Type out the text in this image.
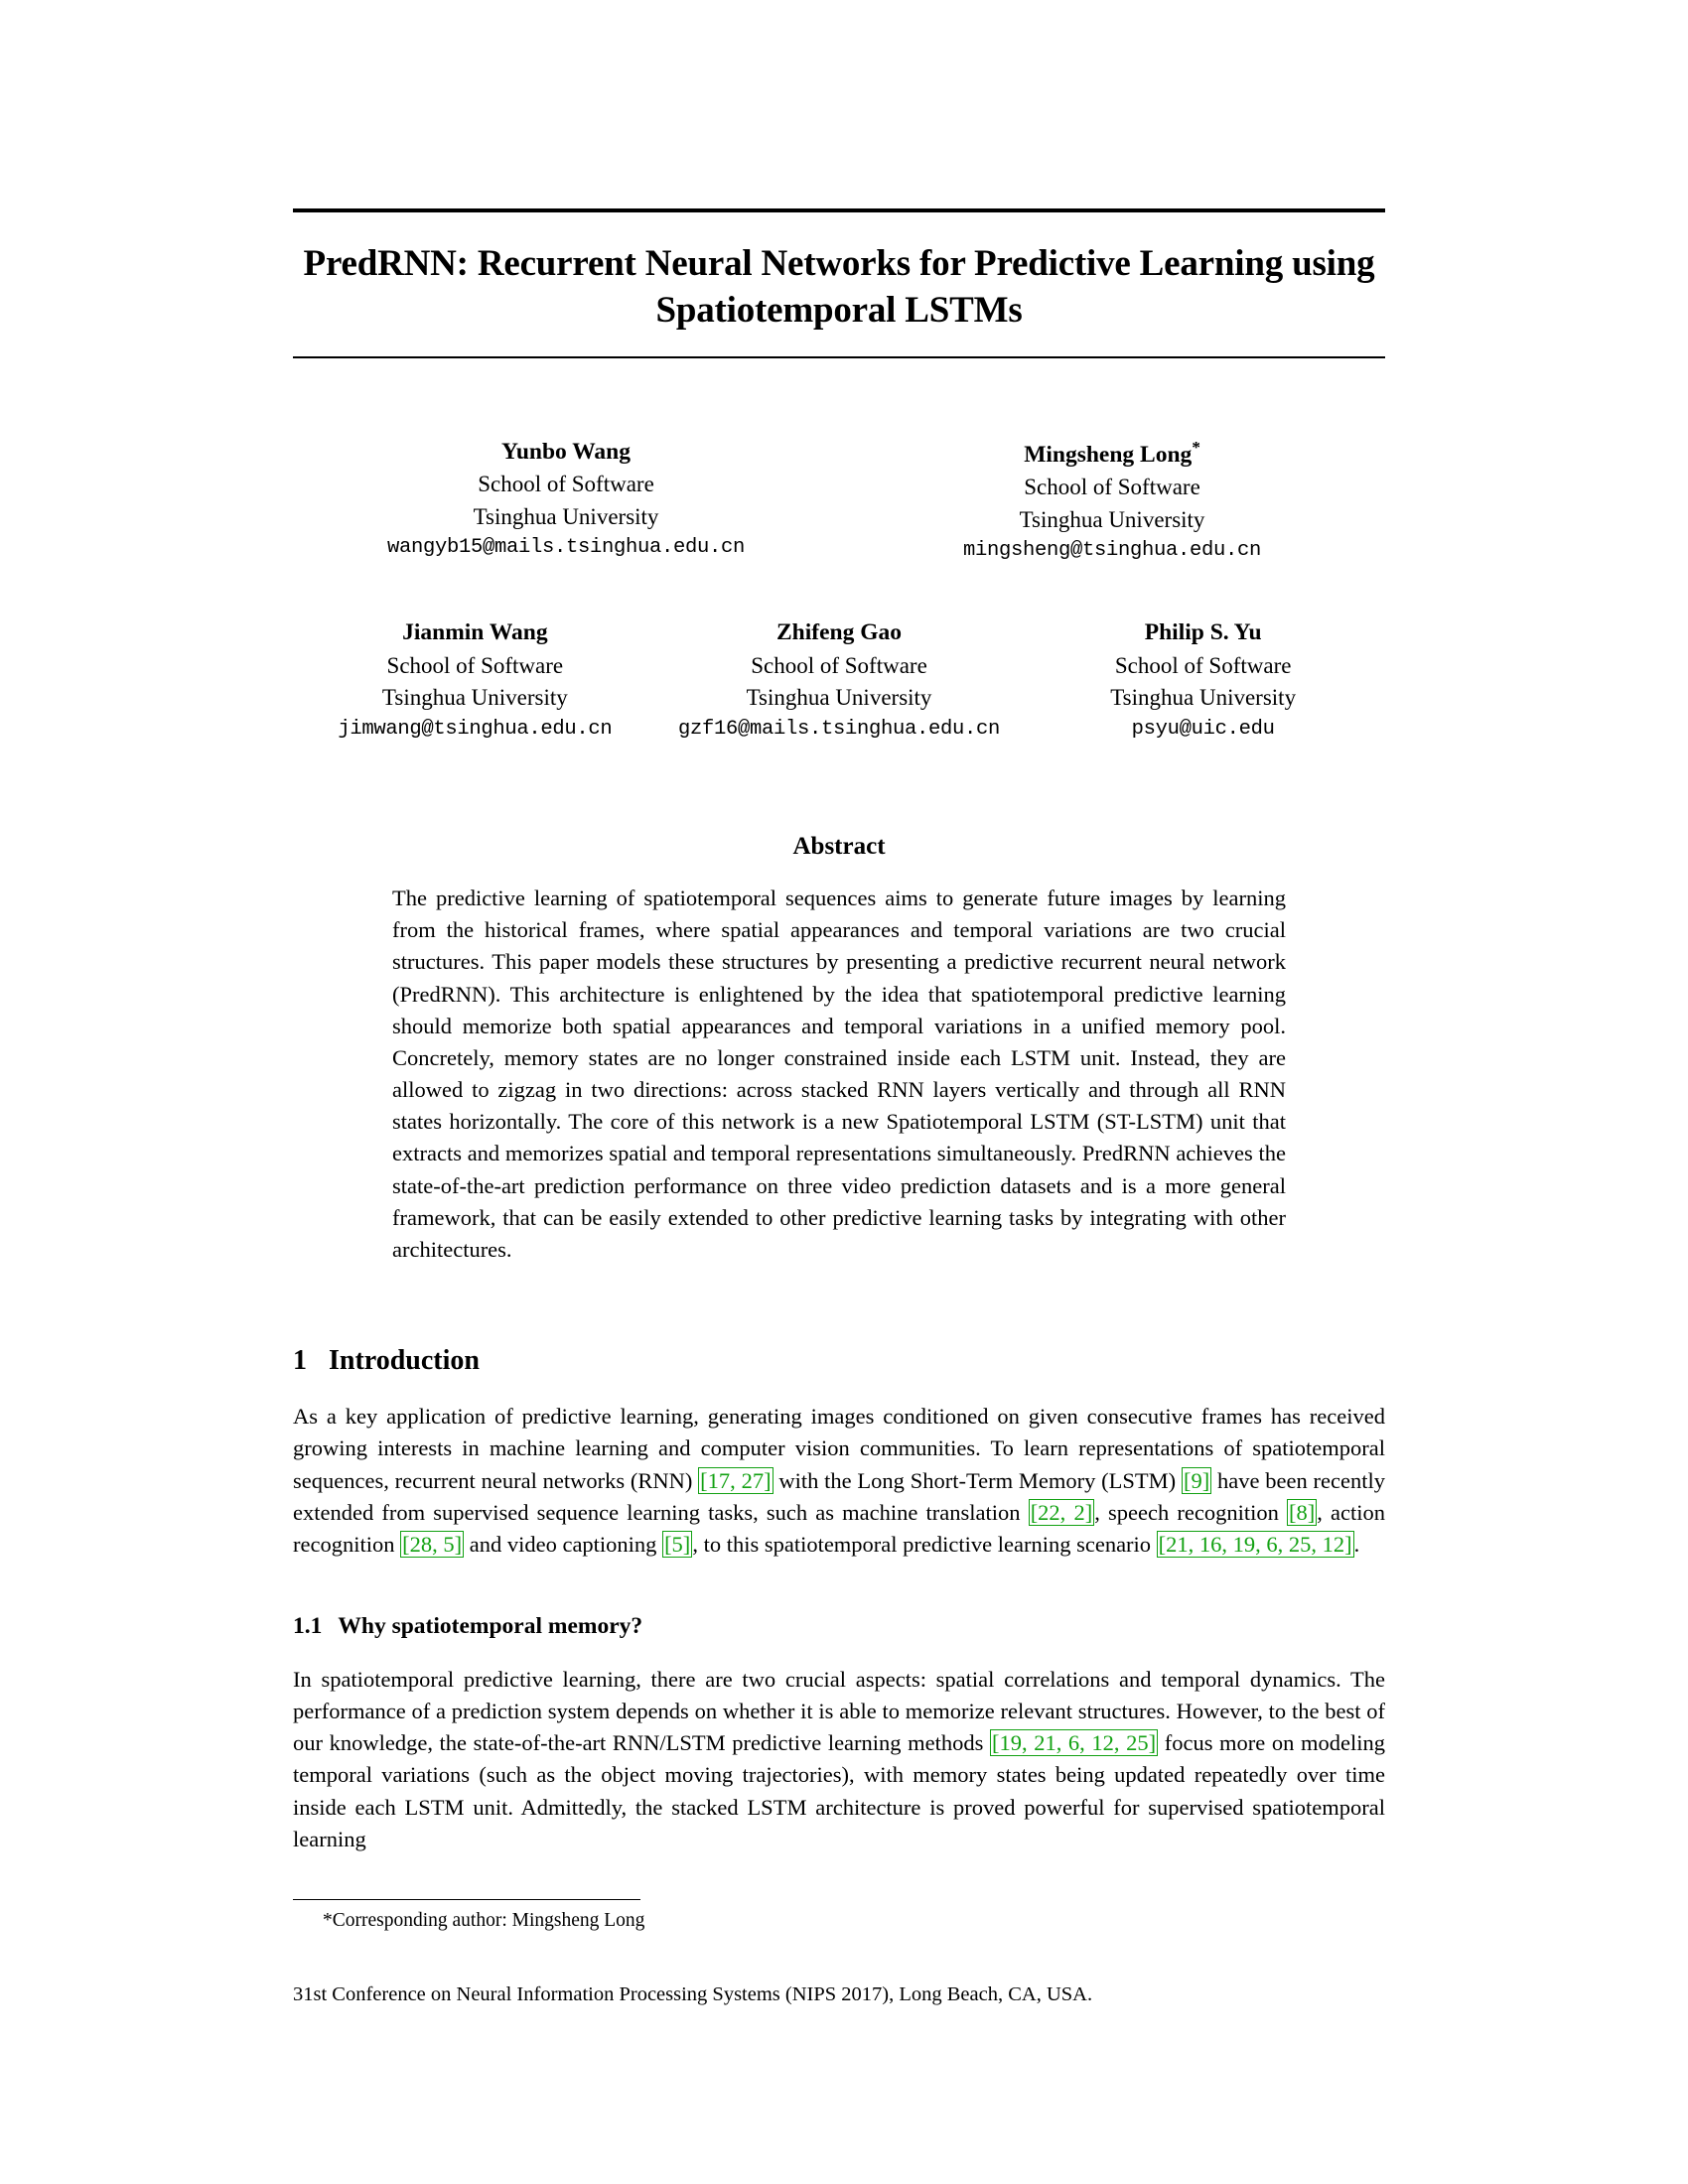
PredRNN: Recurrent Neural Networks for Predictive Learning using Spatiotemporal LSTMs
Yunbo Wang
School of Software
Tsinghua University
wangyb15@mails.tsinghua.edu.cn
Mingsheng Long*
School of Software
Tsinghua University
mingsheng@tsinghua.edu.cn
Jianmin Wang
School of Software
Tsinghua University
jimwang@tsinghua.edu.cn
Zhifeng Gao
School of Software
Tsinghua University
gzf16@mails.tsinghua.edu.cn
Philip S. Yu
School of Software
Tsinghua University
psyu@uic.edu
Abstract
The predictive learning of spatiotemporal sequences aims to generate future images by learning from the historical frames, where spatial appearances and temporal variations are two crucial structures. This paper models these structures by presenting a predictive recurrent neural network (PredRNN). This architecture is enlightened by the idea that spatiotemporal predictive learning should memorize both spatial appearances and temporal variations in a unified memory pool. Concretely, memory states are no longer constrained inside each LSTM unit. Instead, they are allowed to zigzag in two directions: across stacked RNN layers vertically and through all RNN states horizontally. The core of this network is a new Spatiotemporal LSTM (ST-LSTM) unit that extracts and memorizes spatial and temporal representations simultaneously. PredRNN achieves the state-of-the-art prediction performance on three video prediction datasets and is a more general framework, that can be easily extended to other predictive learning tasks by integrating with other architectures.
1 Introduction

As a key application of predictive learning, generating images conditioned on given consecutive frames has received growing interests in machine learning and computer vision communities. To learn representations of spatiotemporal sequences, recurrent neural networks (RNN) [17, 27] with the Long Short-Term Memory (LSTM) [9] have been recently extended from supervised sequence learning tasks, such as machine translation [22, 2], speech recognition [8], action recognition [28, 5] and video captioning [5], to this spatiotemporal predictive learning scenario [21, 16, 19, 6, 25, 12].

1.1 Why spatiotemporal memory?

In spatiotemporal predictive learning, there are two crucial aspects: spatial correlations and temporal dynamics. The performance of a prediction system depends on whether it is able to memorize relevant structures. However, to the best of our knowledge, the state-of-the-art RNN/LSTM predictive learning methods [19, 21, 6, 12, 25] focus more on modeling temporal variations (such as the object moving trajectories), with memory states being updated repeatedly over time inside each LSTM unit. Admittedly, the stacked LSTM architecture is proved powerful for supervised spatiotemporal learning

*Corresponding author: Mingsheng Long
31st Conference on Neural Information Processing Systems (NIPS 2017), Long Beach, CA, USA.
